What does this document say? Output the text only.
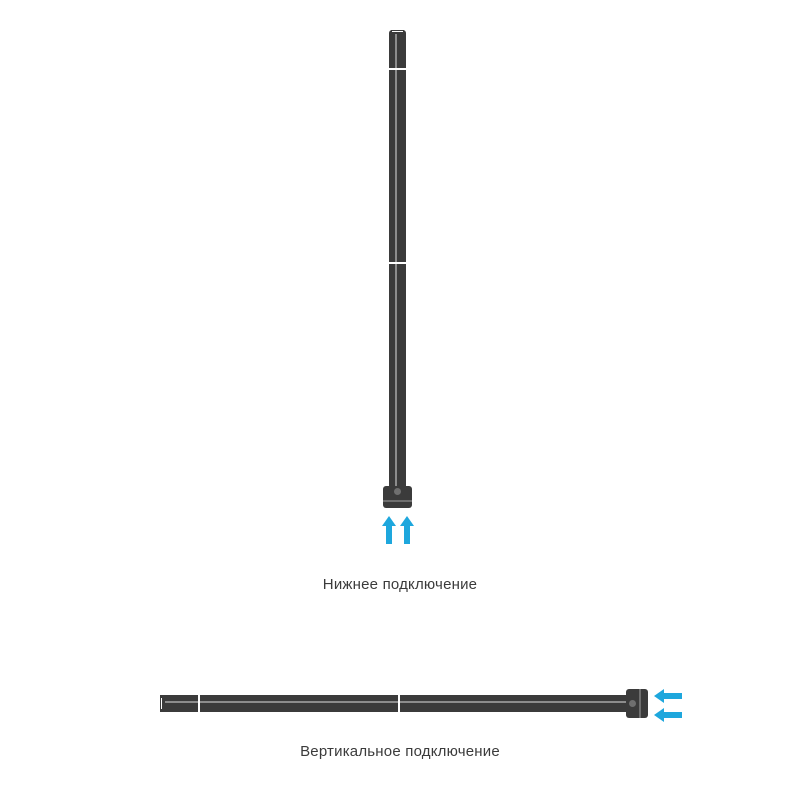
Нижнее подключение
Вертикальное подключение
